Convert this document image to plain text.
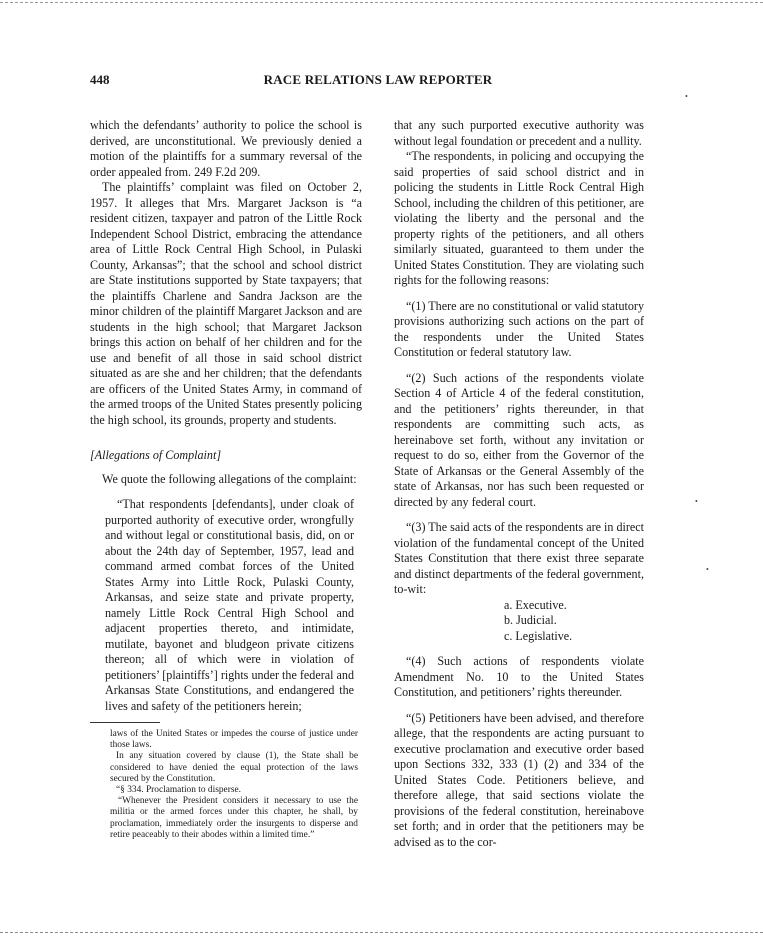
448	RACE RELATIONS LAW REPORTER
•
•
•

which the defendants’ authority to police the school is derived, are unconstitutional. We previously denied a motion of the plaintiffs for a summary reversal of the order appealed from. 249 F.2d 209.

The plaintiffs’ complaint was filed on October 2, 1957. It alleges that Mrs. Margaret Jackson is “a resident citizen, taxpayer and patron of the Little Rock Independent School District, embracing the attendance area of Little Rock Central High School, in Pulaski County, Arkansas”; that the school and school district are State institutions supported by State taxpayers; that the plaintiffs Charlene and Sandra Jackson are the minor children of the plaintiff Margaret Jackson and are students in the high school; that Margaret Jackson brings this action on behalf of her children and for the use and benefit of all those in said school district situated as are she and her children; that the defendants are officers of the United States Army, in command of the armed troops of the United States presently policing the high school, its grounds, property and students.

[Allegations of Complaint]

We quote the following allegations of the complaint:

“That respondents [defendants], under cloak of purported authority of executive order, wrongfully and without legal or constitutional basis, did, on or about the 24th day of September, 1957, lead and command armed combat forces of the United States Army into Little Rock, Pulaski County, Arkansas, and seize state and private property, namely Little Rock Central High School and adjacent properties thereto, and intimidate, mutilate, bayonet and bludgeon private citizens thereon; all of which were in violation of petitioners’ [plaintiffs’] rights under the federal and Arkansas State Constitutions, and endangered the lives and safety of the petitioners herein;

laws of the United States or impedes the course of justice under those laws.

In any situation covered by clause (1), the State shall be considered to have denied the equal protection of the laws secured by the Constitution.

“§ 334. Proclamation to disperse.

“Whenever the President considers it necessary to use the militia or the armed forces under this chapter, he shall, by proclamation, immediately order the insurgents to disperse and retire peaceably to their abodes within a limited time.”

that any such purported executive authority was without legal foundation or precedent and a nullity.

“The respondents, in policing and occupying the said properties of said school district and in policing the students in Little Rock Central High School, including the children of this petitioner, are violating the liberty and the personal and the property rights of the petitioners, and all others similarly situated, guaranteed to them under the United States Constitution. They are violating such rights for the following reasons:

“(1) There are no constitutional or valid statutory provisions authorizing such actions on the part of the respondents under the United States Constitution or federal statutory law.

“(2) Such actions of the respondents violate Section 4 of Article 4 of the federal constitution, and the petitioners’ rights thereunder, in that respondents are committing such acts, as hereinabove set forth, without any invitation or request to do so, either from the Governor of the State of Arkansas or the General Assembly of the state of Arkansas, nor has such been requested or directed by any federal court.

“(3) The said acts of the respondents are in direct violation of the fundamental concept of the United States Constitution that there exist three separate and distinct departments of the federal government, to-wit:

a. Executive.
b. Judicial.
c. Legislative.

“(4) Such actions of respondents violate Amendment No. 10 to the United States Constitution, and petitioners’ rights thereunder.

“(5) Petitioners have been advised, and therefore allege, that the respondents are acting pursuant to executive proclamation and executive order based upon Sections 332, 333 (1) (2) and 334 of the United States Code. Petitioners believe, and therefore allege, that said sections violate the provisions of the federal constitution, hereinabove set forth; and in order that the petitioners may be advised as to the cor-
